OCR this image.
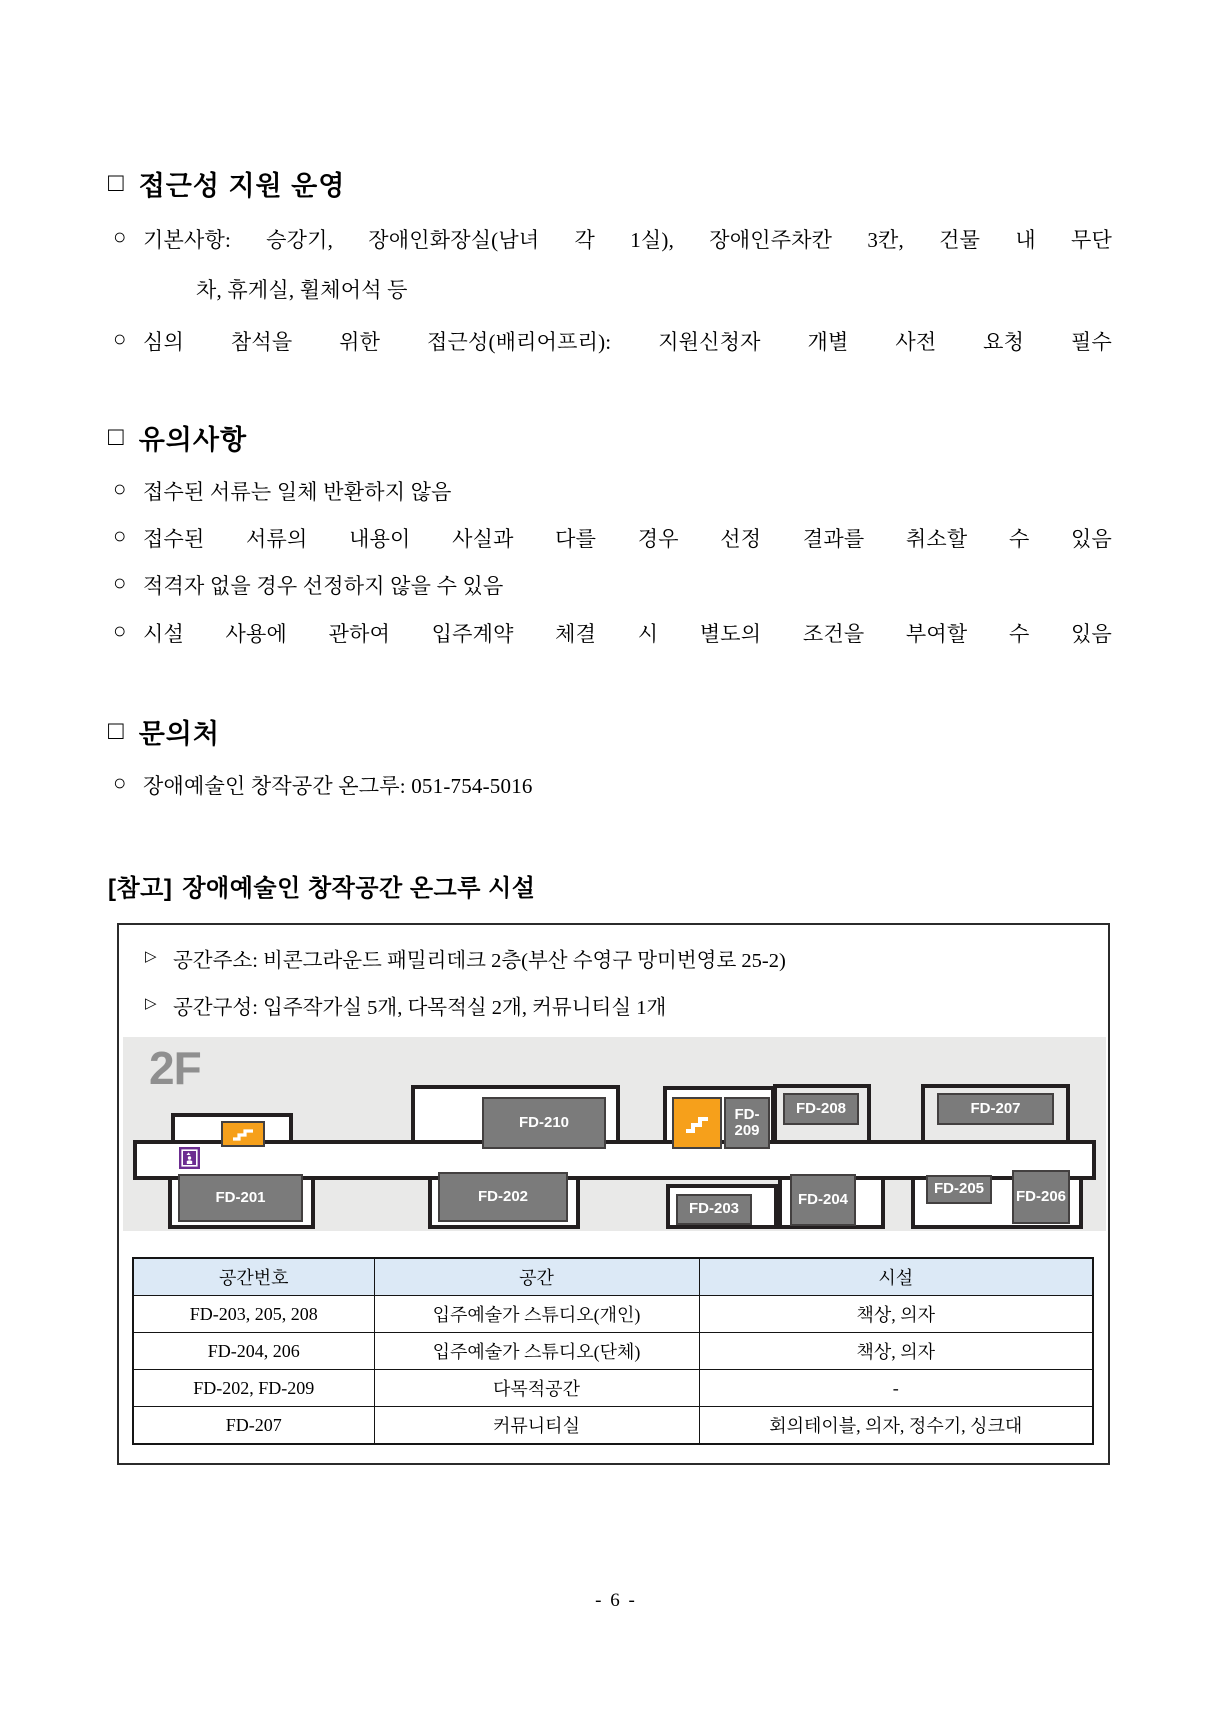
□ 접근성 지원 운영
○ 기본사항: 승강기, 장애인화장실(남녀 각 1실), 장애인주차칸 3칸, 건물 내 무단
차, 휴게실, 휠체어석 등
○ 심의 참석을 위한 접근성(배리어프리): 지원신청자 개별 사전 요청 필수
□ 유의사항
○ 접수된 서류는 일체 반환하지 않음
○ 접수된 서류의 내용이 사실과 다를 경우 선정 결과를 취소할 수 있음
○ 적격자 없을 경우 선정하지 않을 수 있음
○ 시설 사용에 관하여 입주계약 체결 시 별도의 조건을 부여할 수 있음
□ 문의처
○ 장애예술인 창작공간 온그루: 051-754-5016
[참고] 장애예술인 창작공간 온그루 시설
▷ 공간주소: 비콘그라운드 패밀리데크 2층(부산 수영구 망미번영로 25-2)
▷ 공간구성: 입주작가실 5개, 다목적실 2개, 커뮤니티실 1개
2F
FD-201	FD-202
FD-203
FD-204
FD-205	FD-206
FD-207
FD-208
FD-209
FD-210
공간번호	공간	시설
FD-203, 205, 208	입주예술가 스튜디오(개인)	책상, 의자
FD-204, 206	입주예술가 스튜디오(단체)	책상, 의자
FD-202, FD-209	다목적공간	-
FD-207	커뮤니티실	회의테이블, 의자, 정수기, 싱크대
- 6 -
